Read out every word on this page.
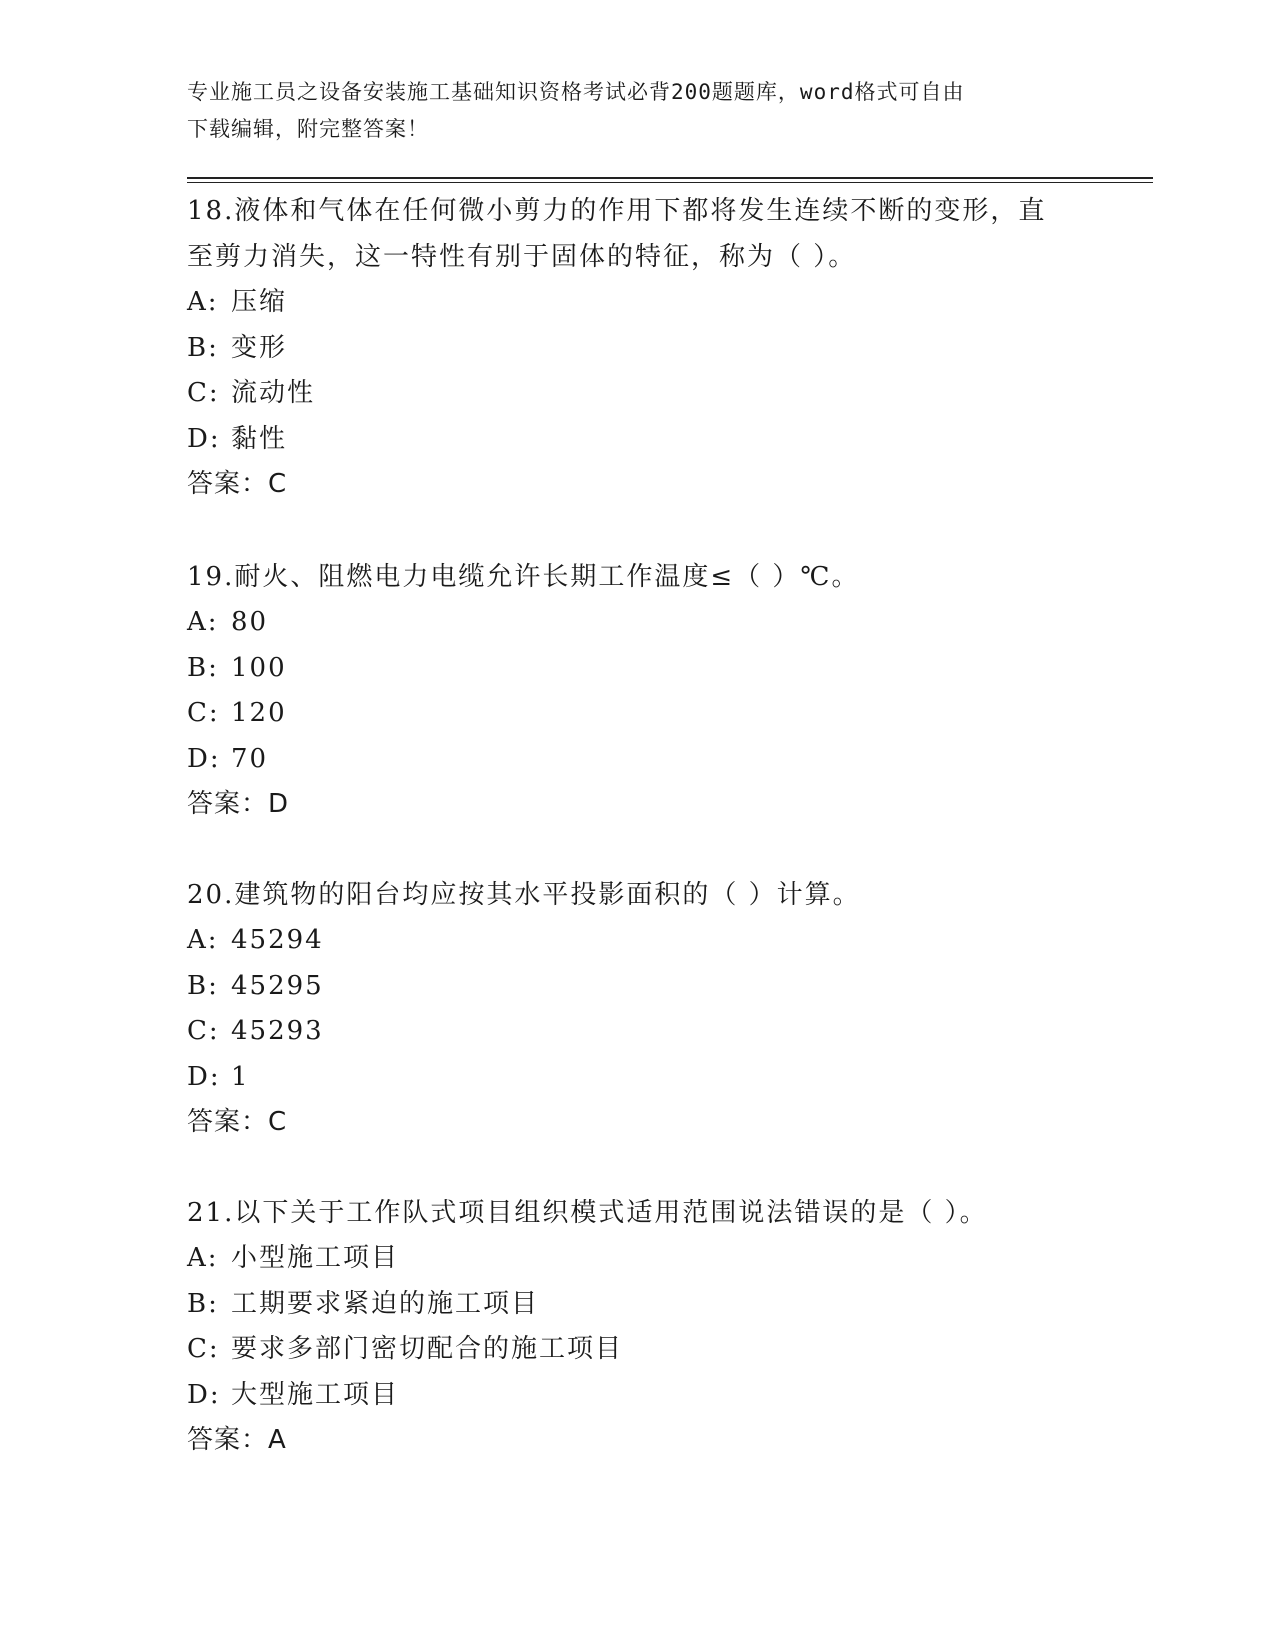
专业施工员之设备安装施工基础知识资格考试必背200题题库，word格式可自由
下载编辑，附完整答案！
18.液体和气体在任何微小剪力的作用下都将发生连续不断的变形，直
至剪力消失，这一特性有别于固体的特征，称为（ ）。
A: 压缩
B: 变形
C: 流动性
D: 黏性
答案：C
19.耐火、阻燃电力电缆允许长期工作温度≤（ ）℃。
A: 80
B: 100
C: 120
D: 70
答案：D
20.建筑物的阳台均应按其水平投影面积的（ ）计算。
A: 45294
B: 45295
C: 45293
D: 1
答案：C
21.以下关于工作队式项目组织模式适用范围说法错误的是（ ）。
A: 小型施工项目
B: 工期要求紧迫的施工项目
C: 要求多部门密切配合的施工项目
D: 大型施工项目
答案：A
